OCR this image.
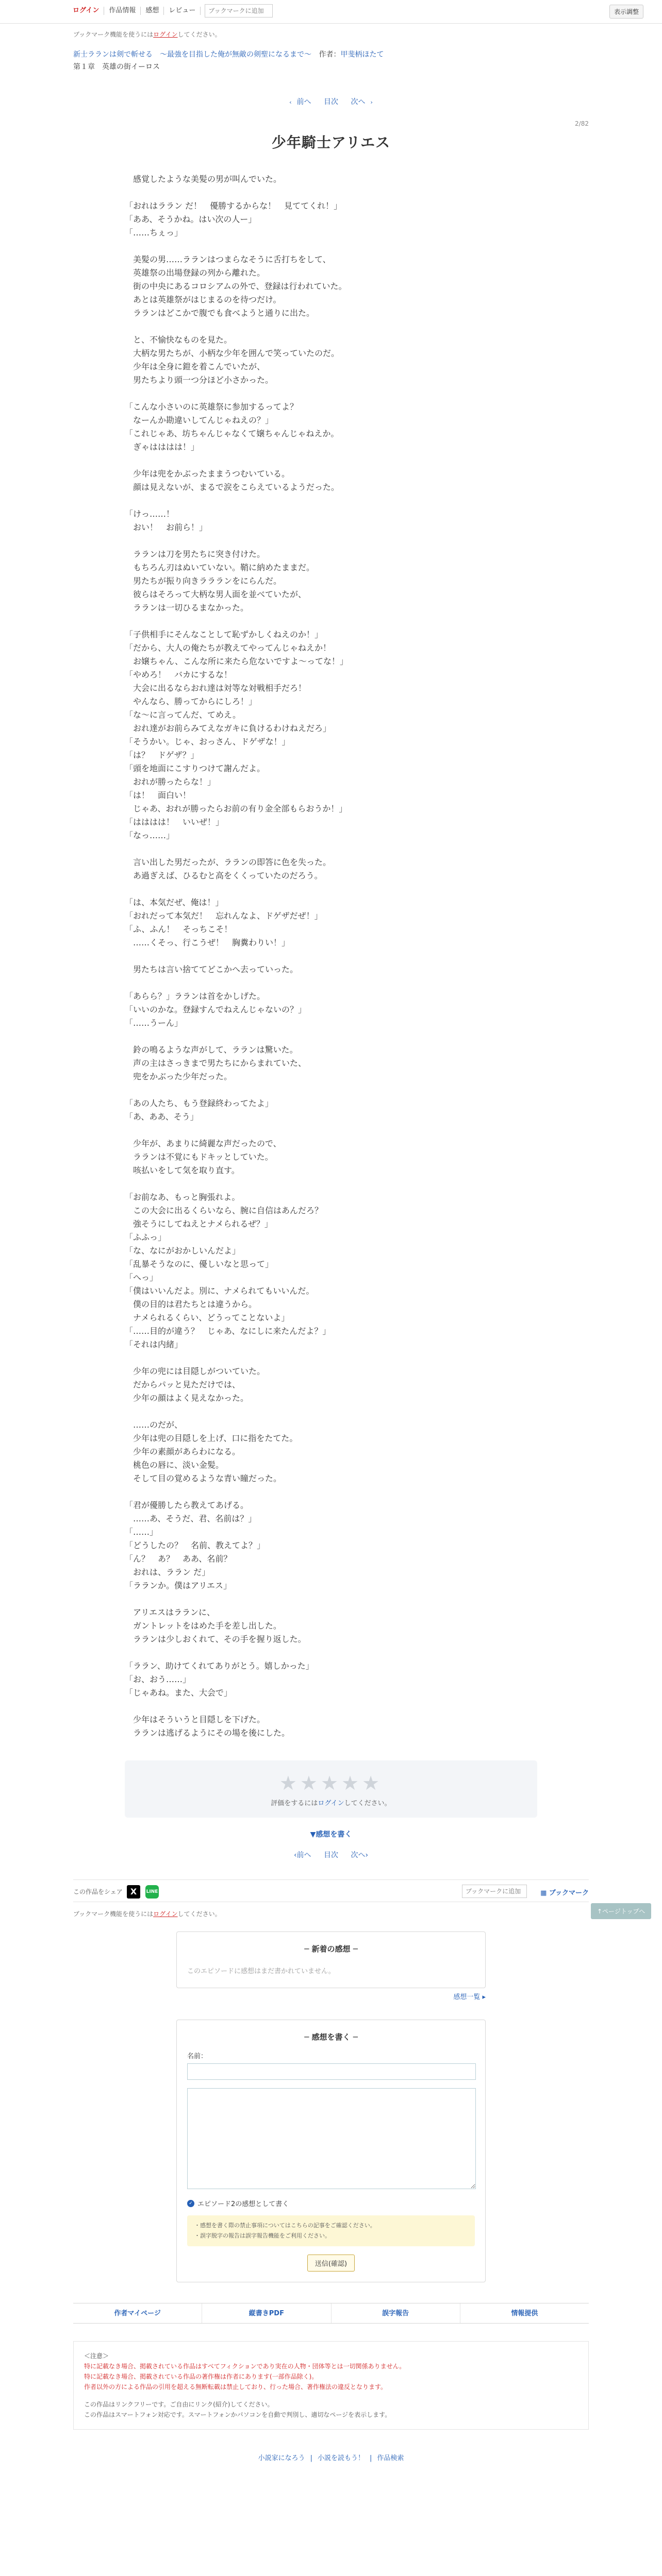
ログイン	作品情報	感想	レビュー
ブックマークに追加	表示調整
ブックマーク機能を使うにはログインしてください。
新士ラランは剣で斬せる　～最強を目指した俺が無敵の剣聖になるまで～ 作者：甲斐柄ほたて
第１章　英雄の街イーロス
‹ 前へ 目次 次へ ›
2/82
少年騎士アリエス

　感覚したような美髪の男が叫んでいた。

「おれはララン だ！　優勝するからな！　見ててくれ！」

「ああ、そうかね。はい次の人ー」

「……ちぇっ」

　美髪の男……ラランはつまらなそうに舌打ちをして、

　英雄祭の出場登録の列から離れた。

　街の中央にあるコロシアムの外で、登録は行われていた。

　あとは英雄祭がはじまるのを待つだけ。

　ラランはどこかで腹でも食べようと通りに出た。

　と、不愉快なものを見た。

　大柄な男たちが、小柄な少年を囲んで笑っていたのだ。

　少年は全身に鎧を着こんでいたが、

　男たちより頭一つ分ほど小さかった。

「こんな小さいのに英雄祭に参加するってよ？

　なーんか勘違いしてんじゃねえの？」

「これじゃあ、坊ちゃんじゃなくて嬢ちゃんじゃねえか。

　ぎゃはははは！」

　少年は兜をかぶったままうつむいている。

　顔は見えないが、まるで涙をこらえているようだった。

「けっ……！

　おい！　お前ら！」

　ラランは刀を男たちに突き付けた。

　もちろん刃はぬいていない。鞘に納めたままだ。

　男たちが振り向きララランをにらんだ。

　彼らはそろって大柄な男人面を並べていたが、

　ラランは一切ひるまなかった。

「子供相手にそんなことして恥ずかしくねえのか！」

「だから、大人の俺たちが教えてやってんじゃねえか！

　お嬢ちゃん、こんな所に来たら危ないですよ～ってな！」

「やめろ！　バカにするな！

　大会に出るならおれ達は対等な対戦相手だろ！

　やんなら、勝ってからにしろ！」

「な〜に言ってんだ、てめえ。

　おれ達がお前らみてえなガキに負けるわけねえだろ」

「そうかい。じゃ、おっさん、ドゲザな！」

「は？　ドゲザ？」

「頭を地面にこすりつけて謝んだよ。

　おれが勝ったらな！」

「は！　面白い！

　じゃあ、おれが勝ったらお前の有り金全部もらおうか！」

「はははは！　いいぜ！」

「なっ……」

　言い出した男だったが、ラランの即答に色を失った。

　あ過ぎえば、ひるむと高をくくっていたのだろう。

「は、本気だぜ、俺は！」

「おれだって本気だ！　忘れんなよ、ドゲザだぜ！」

「ふ、ふん！　そっちこそ！

　……くそっ、行こうぜ！　胸糞わりい！」

　男たちは言い捨ててどこかへ去っていった。

「あらら？」ラランは首をかしげた。

「いいのかな。登録すんでねえんじゃないの？」

「……うーん」

　鈴の鳴るような声がして、ラランは驚いた。

　声の主はさっきまで男たちにからまれていた、

　兜をかぶった少年だった。

「あの人たち、もう登録終わってたよ」

「あ、ああ、そう」

　少年が、あまりに綺麗な声だったので、

　ラランは不覚にもドキッとしていた。

　咳払いをして気を取り直す。

「お前なあ、もっと胸張れよ。

　この大会に出るくらいなら、腕に自信はあんだろ？

　強そうにしてねえとナメられるぜ？」

「ふふっ」

「な、なにがおかしいんだよ」

「乱暴そうなのに、優しいなと思って」

「へっ」

「僕はいいんだよ。別に、ナメられてもいいんだ。

　僕の目的は君たちとは違うから。

　ナメられるくらい、どうってことないよ」

「……目的が違う？　じゃあ、なにしに来たんだよ？」

「それは内緒」

　少年の兜には目隠しがついていた。

　だからパッと見ただけでは、

　少年の顔はよく見えなかった。

　……のだが、

　少年は兜の目隠しを上げ、口に指をたてた。

　少年の素顔があらわになる。

　桃色の唇に、淡い金髪。

　そして目の覚めるような青い瞳だった。

「君が優勝したら教えてあげる。

　……あ、そうだ、君、名前は？」

「……」

「どうしたの？　名前、教えてよ？」

「ん？　あ？　ああ、名前？

　おれは、ララン だ」

「ラランか。僕はアリエス」

　アリエスはラランに、

　ガントレットをはめた手を差し出した。

　ラランは少しおくれて、その手を握り返した。

「ララン、助けてくれてありがとう。嬉しかった」

「お、おう……」

「じゃあね。また、大会で」

　少年はそういうと目隠しを下げた。

　ラランは逃げるようにその場を後にした。

★★★★★
評価をするにはログインしてください。
↑ページトップへ
▼感想を書く
‹前へ 目次 次へ›
この作品をシェア X	LINE
ブックマークに追加	▦ ブックマーク
ブックマーク機能を使うにはログインしてください。
─ 新着の感想 ─
このエピソードに感想はまだ書かれていません。
感想一覧 ▸
─ 感想を書く ─
名前：
✓ エピソード2の感想として書く
・感想を書く際の禁止事項についてはこちらの記事をご確認ください。
・誤字脱字の報告は誤字報告機能をご利用ください。
送信(確認)
作者マイページ	縦書きPDF	誤字報告	情報提供
＜注意＞
特に記載なき場合、掲載されている作品はすべてフィクションであり実在の人物・団体等とは一切関係ありません。
特に記載なき場合、掲載されている作品の著作権は作者にあります(一部作品除く)。
作者以外の方による作品の引用を超える無断転載は禁止しており、行った場合、著作権法の違反となります。
この作品はリンクフリーです。ご自由にリンク(紹介)してください。
この作品はスマートフォン対応です。スマートフォンかパソコンを自動で判別し、適切なページを表示します。
小説家になろう | 小説を読もう！ | 作品検索
